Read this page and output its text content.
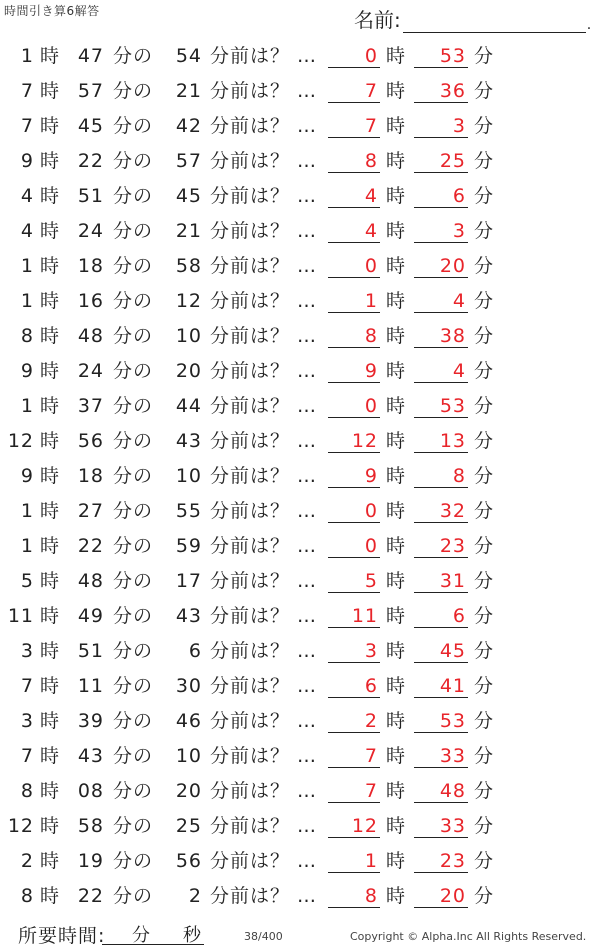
時間引き算6解答	名前:	.
1 時 47 分の 54 分前は？ …	0 時	53 分
7 時 57 分の 21 分前は？ …	7 時	36 分
7 時 45 分の 42 分前は？ …	7 時	3 分
9 時 22 分の 57 分前は？ …	8 時	25 分
4 時 51 分の 45 分前は？ …	4 時	6 分
4 時 24 分の 21 分前は？ …	4 時	3 分
1 時 18 分の 58 分前は？ …	0 時	20 分
1 時 16 分の 12 分前は？ …	1 時	4 分
8 時 48 分の 10 分前は？ …	8 時	38 分
9 時 24 分の 20 分前は？ …	9 時	4 分
1 時 37 分の 44 分前は？ …	0 時	53 分
12 時 56 分の 43 分前は？ …	12 時	13 分
9 時 18 分の 10 分前は？ …	9 時	8 分
1 時 27 分の 55 分前は？ …	0 時	32 分
1 時 22 分の 59 分前は？ …	0 時	23 分
5 時 48 分の 17 分前は？ …	5 時	31 分
11 時 49 分の 43 分前は？ …	11 時	6 分
3 時 51 分の	6 分前は？ …	3 時	45 分
7 時 11 分の 30 分前は？ …	6 時	41 分
3 時 39 分の 46 分前は？ …	2 時	53 分
7 時 43 分の 10 分前は？ …	7 時	33 分
8 時 08 分の 20 分前は？ …	7 時	48 分
12 時 58 分の 25 分前は？ …	12 時	33 分
2 時 19 分の 56 分前は？ …	1 時	23 分
8 時 22 分の	2 分前は？ …	8 時	20 分
所要時間: 分 秒	38/400	Copyright © Alpha.Inc All Rights Reserved.
